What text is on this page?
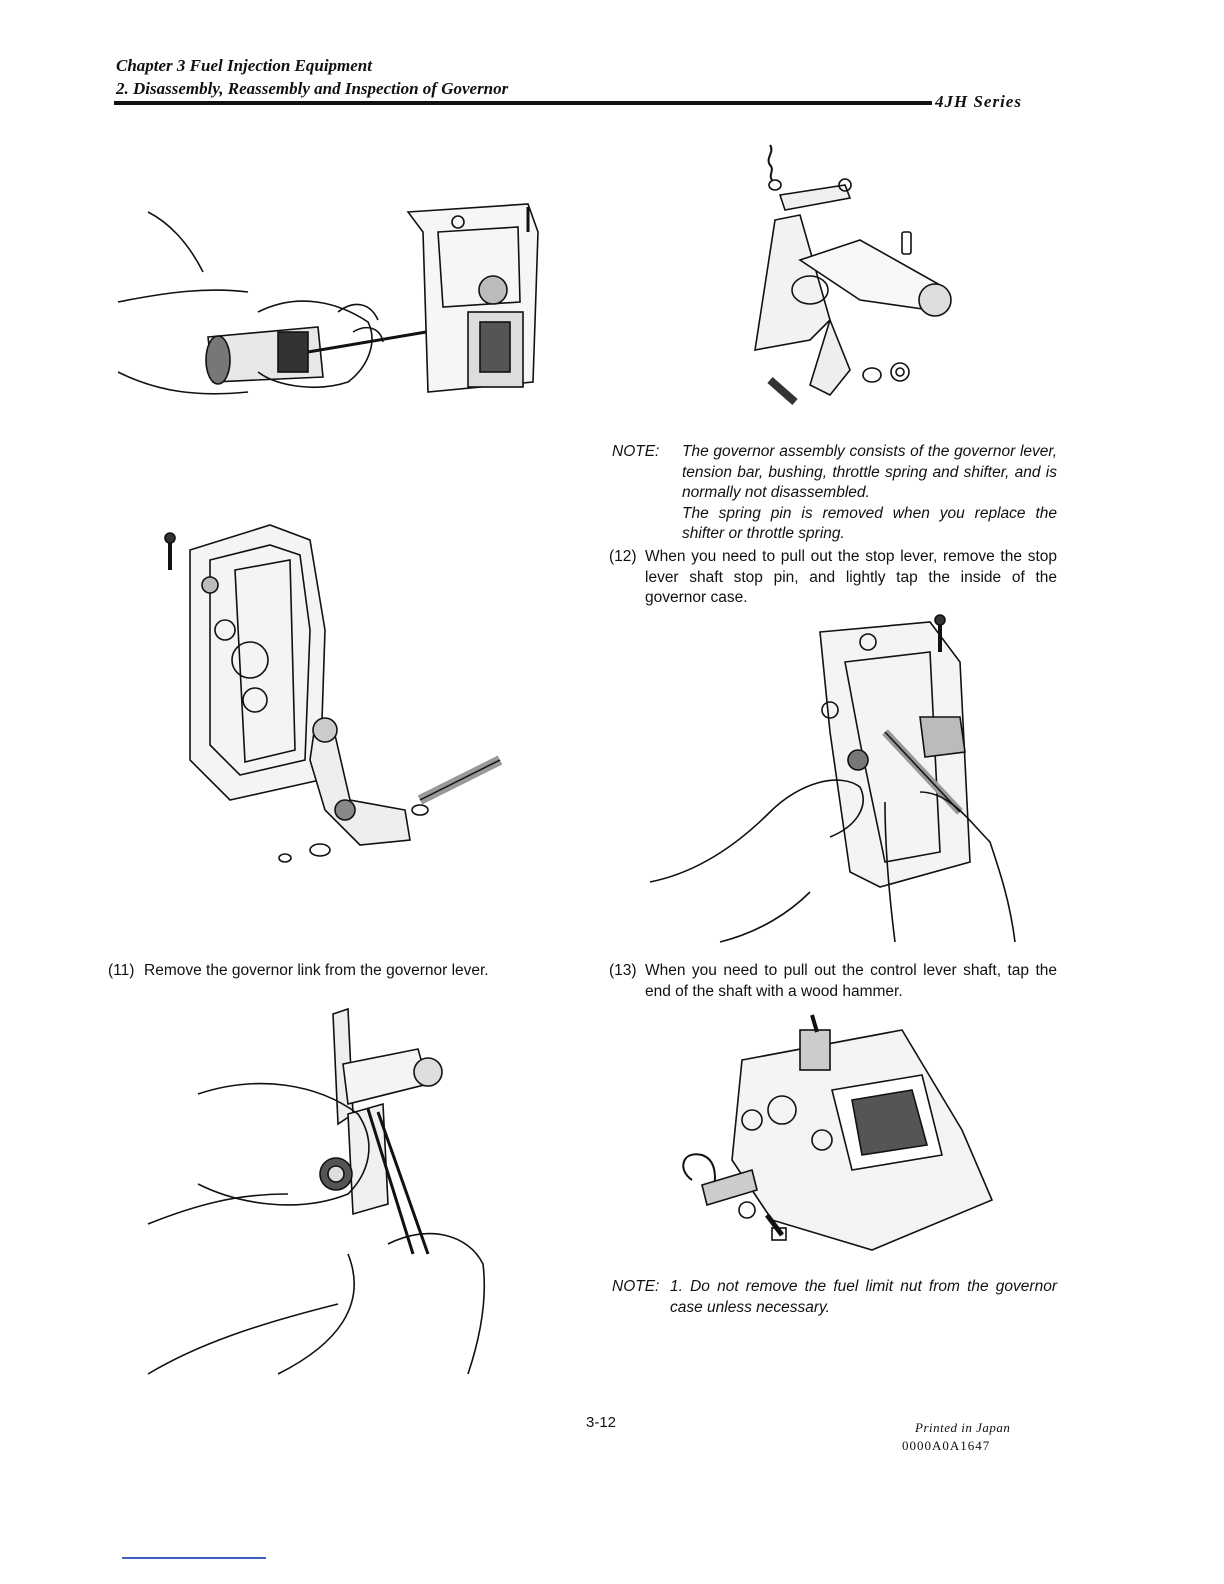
Chapter 3 Fuel Injection Equipment
2. Disassembly, Reassembly and Inspection of Governor
4JH Series
NOTE: The governor assembly consists of the governor lever, tension bar, bushing, throttle spring and shifter, and is normally not disassembled.
The spring pin is removed when you replace the shifter or throttle spring.
(12) When you need to pull out the stop lever, remove the stop lever shaft stop pin, and lightly tap the inside of the governor case.
(11) Remove the governor link from the governor lever.	(13) When you need to pull out the control lever shaft, tap the end of the shaft with a wood hammer.
NOTE: 1. Do not remove the fuel limit nut from the governor case unless necessary.
3-12	Printed in Japan
0000A0A1647
